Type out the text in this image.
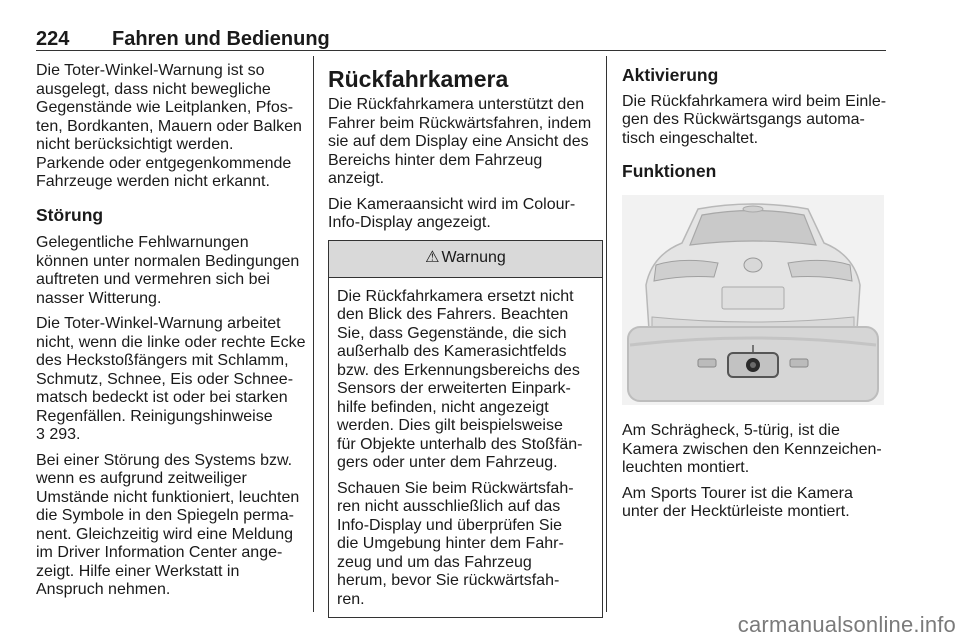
224 Fahren und Bedienung

Die Toter-Winkel-Warnung ist so
ausgelegt, dass nicht bewegliche
Gegenstände wie Leitplanken, Pfos-
ten, Bordkanten, Mauern oder Balken
nicht berücksichtigt werden.
Parkende oder entgegenkommende
Fahrzeuge werden nicht erkannt.

Störung

Gelegentliche Fehlwarnungen
können unter normalen Bedingungen
auftreten und vermehren sich bei
nasser Witterung.

Die Toter-Winkel-Warnung arbeitet
nicht, wenn die linke oder rechte Ecke
des Heckstoßfängers mit Schlamm,
Schmutz, Schnee, Eis oder Schnee-
matsch bedeckt ist oder bei starken
Regenfällen. Reinigungshinweise

3 293.

Bei einer Störung des Systems bzw.
wenn es aufgrund zeitweiliger
Umstände nicht funktioniert, leuchten
die Symbole in den Spiegeln perma-
nent. Gleichzeitig wird eine Meldung
im Driver Information Center ange-
zeigt. Hilfe einer Werkstatt in
Anspruch nehmen.

Rückfahrkamera

Die Rückfahrkamera unterstützt den
Fahrer beim Rückwärtsfahren, indem
sie auf dem Display eine Ansicht des
Bereichs hinter dem Fahrzeug
anzeigt.

Die Kameraansicht wird im Colour-
Info-Display angezeigt.

⚠ Warnung

Die Rückfahrkamera ersetzt nicht
den Blick des Fahrers. Beachten
Sie, dass Gegenstände, die sich
außerhalb des Kamerasichtfelds
bzw. des Erkennungsbereichs des
Sensors der erweiterten Einpark-
hilfe befinden, nicht angezeigt
werden. Dies gilt beispielsweise
für Objekte unterhalb des Stoßfän-
gers oder unter dem Fahrzeug.

Schauen Sie beim Rückwärtsfah-
ren nicht ausschließlich auf das
Info-Display und überprüfen Sie
die Umgebung hinter dem Fahr-
zeug und um das Fahrzeug
herum, bevor Sie rückwärtsfah-
ren.

Aktivierung

Die Rückfahrkamera wird beim Einle-
gen des Rückwärtsgangs automa-
tisch eingeschaltet.

Funktionen

Am Schrägheck, 5-türig, ist die
Kamera zwischen den Kennzeichen-
leuchten montiert.

Am Sports Tourer ist die Kamera
unter der Hecktürleiste montiert.

carmanualsonline.info
